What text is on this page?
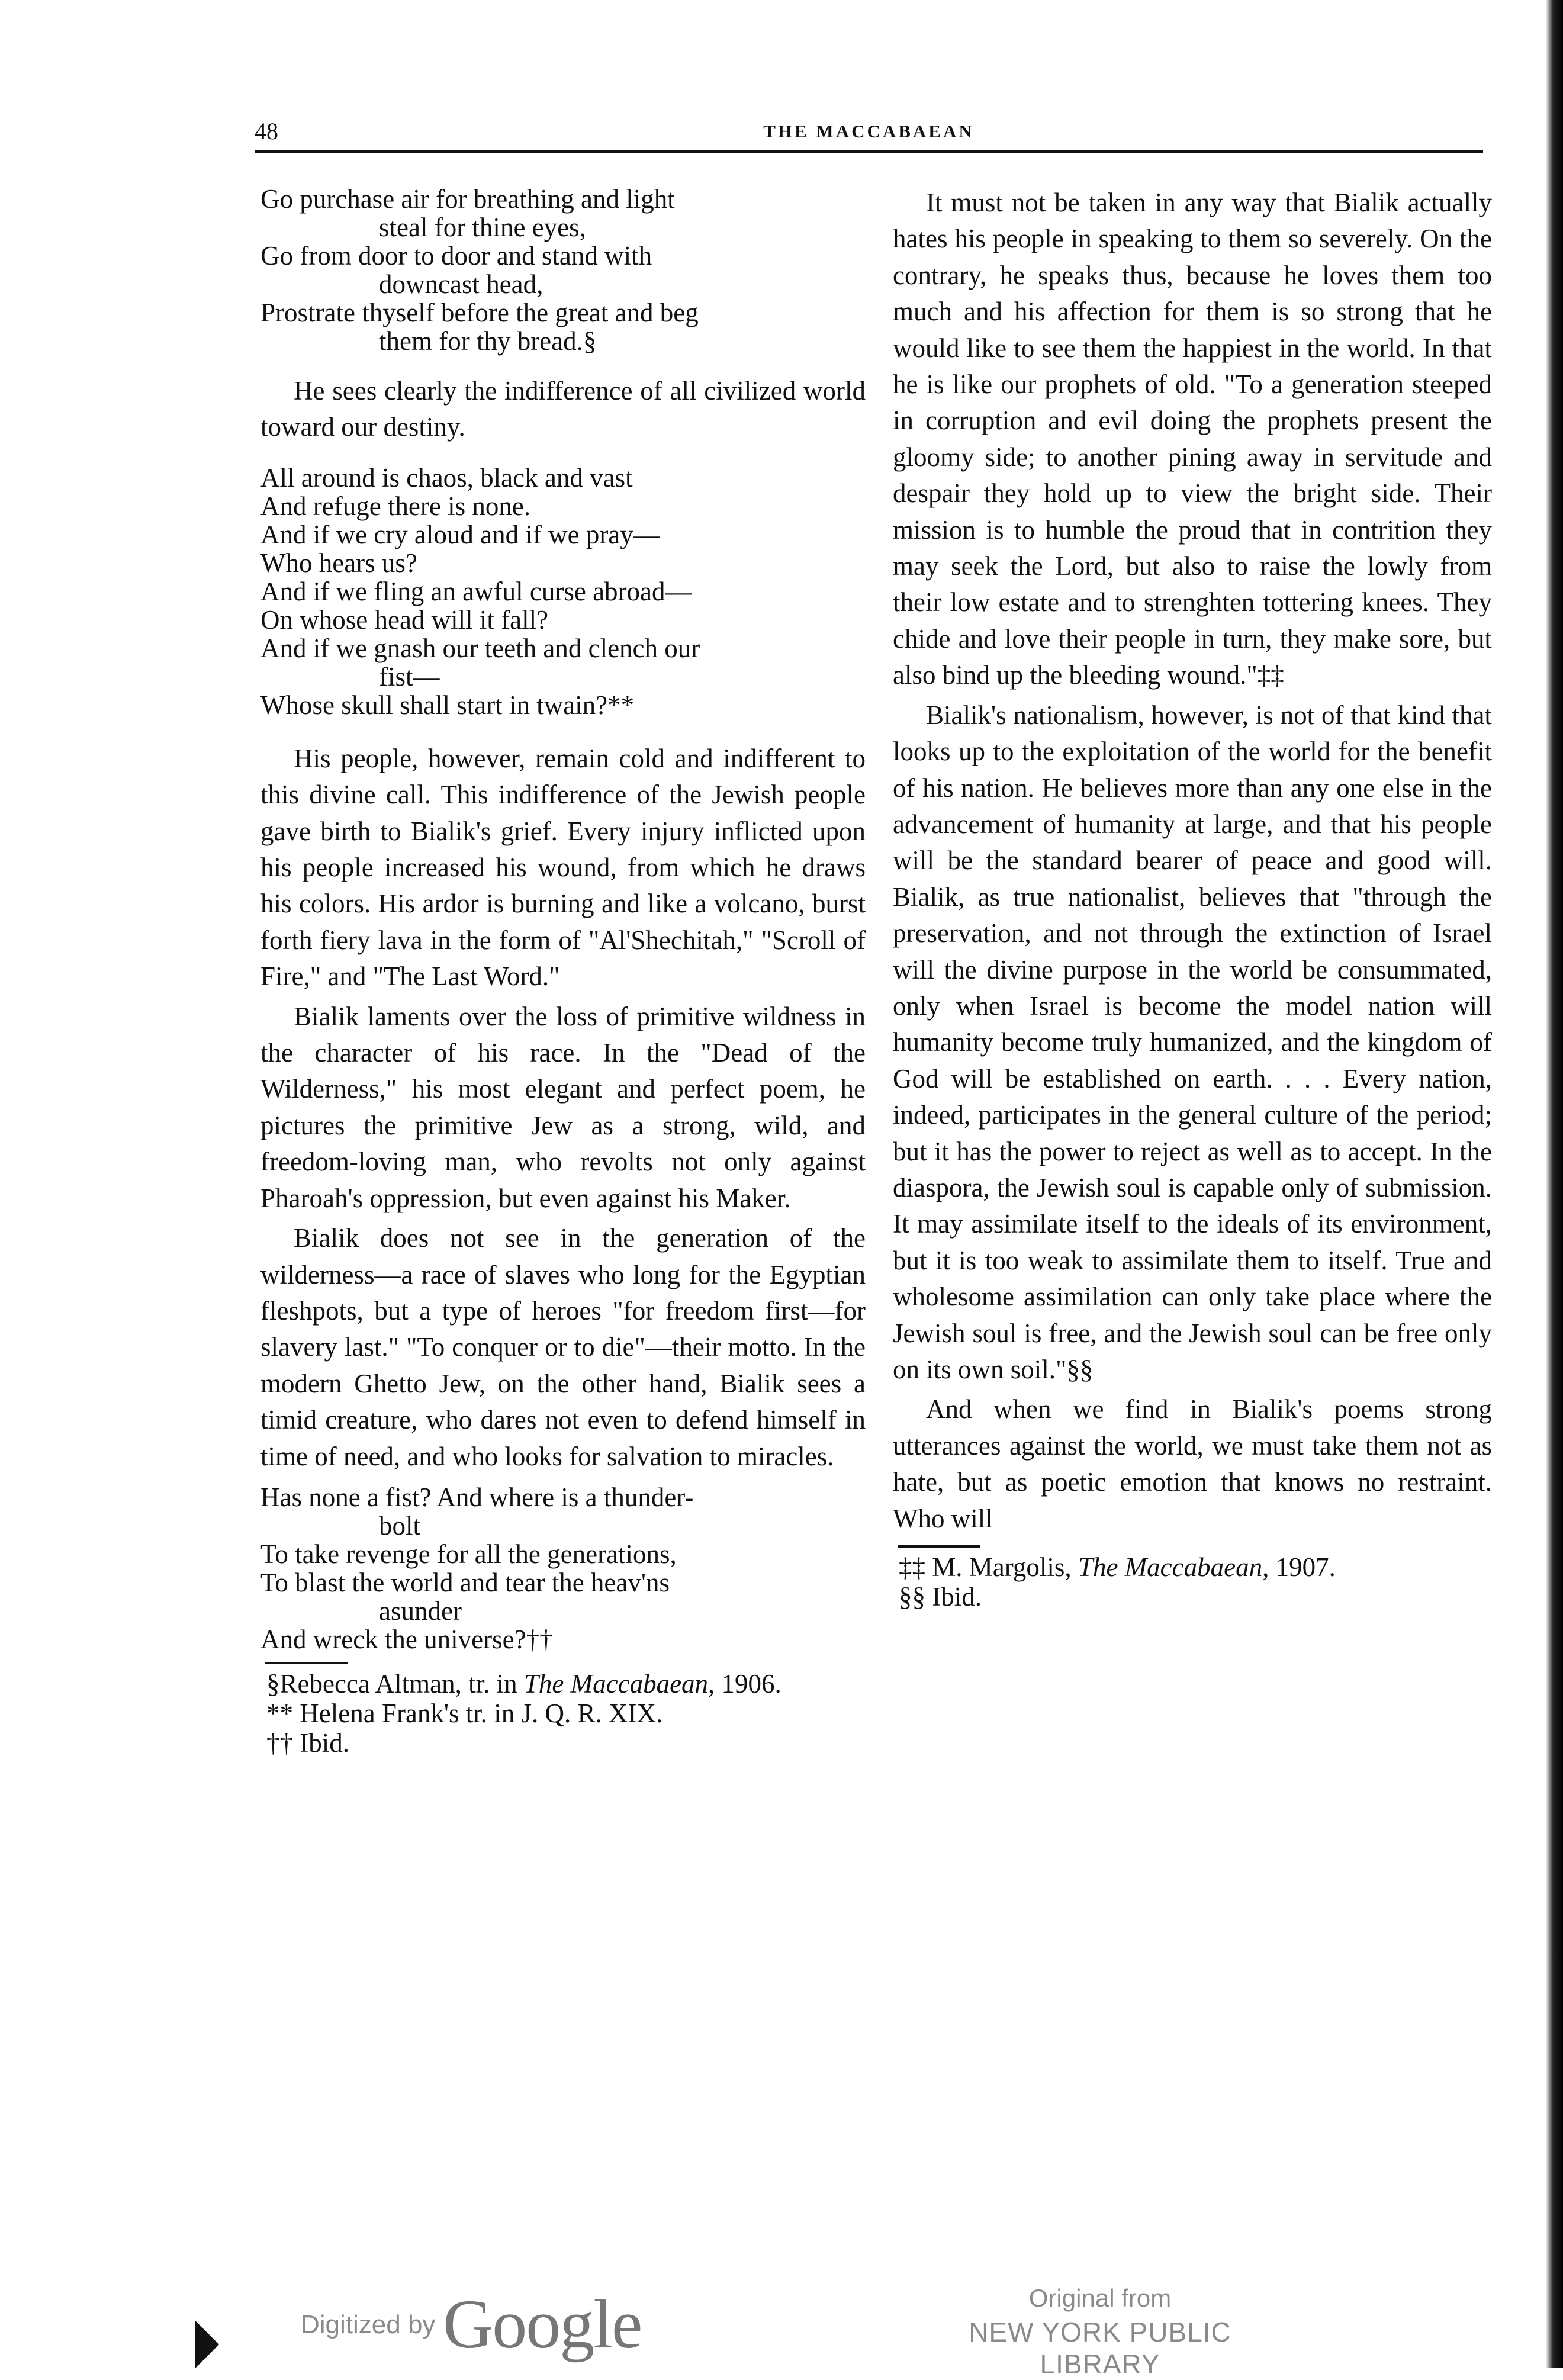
48	THE MACCABAEAN
Go purchase air for breathing and light
steal for thine eyes,
Go from door to door and stand with
downcast head,
Prostrate thyself before the great and beg
them for thy bread.§

He sees clearly the indifference of all civilized world toward our destiny.

All around is chaos, black and vast
And refuge there is none.
And if we cry aloud and if we pray—
Who hears us?
And if we fling an awful curse abroad—
On whose head will it fall?
And if we gnash our teeth and clench our
fist—
Whose skull shall start in twain?**

His people, however, remain cold and indifferent to this divine call. This indifference of the Jewish people gave birth to Bialik's grief. Every injury inflicted upon his people increased his wound, from which he draws his colors. His ardor is burning and like a volcano, burst forth fiery lava in the form of "Al'Shechitah," "Scroll of Fire," and "The Last Word."

Bialik laments over the loss of primitive wildness in the character of his race. In the "Dead of the Wilderness," his most elegant and perfect poem, he pictures the primitive Jew as a strong, wild, and freedom-loving man, who revolts not only against Pharoah's oppression, but even against his Maker.

Bialik does not see in the generation of the wilderness—a race of slaves who long for the Egyptian fleshpots, but a type of heroes "for freedom first—for slavery last." "To conquer or to die"—their motto. In the modern Ghetto Jew, on the other hand, Bialik sees a timid creature, who dares not even to defend himself in time of need, and who looks for salvation to miracles.

Has none a fist? And where is a thunder-
bolt
To take revenge for all the generations,
To blast the world and tear the heav'ns
asunder
And wreck the universe?††
§Rebecca Altman, tr. in The Maccabaean, 1906.
** Helena Frank's tr. in J. Q. R. XIX.
†† Ibid.

It must not be taken in any way that Bialik actually hates his people in speaking to them so severely. On the contrary, he speaks thus, because he loves them too much and his affection for them is so strong that he would like to see them the happiest in the world. In that he is like our prophets of old. "To a generation steeped in corruption and evil doing the prophets present the gloomy side; to another pining away in servitude and despair they hold up to view the bright side. Their mission is to humble the proud that in contrition they may seek the Lord, but also to raise the lowly from their low estate and to strenghten tottering knees. They chide and love their people in turn, they make sore, but also bind up the bleeding wound."‡‡

Bialik's nationalism, however, is not of that kind that looks up to the exploitation of the world for the benefit of his nation. He believes more than any one else in the advancement of humanity at large, and that his people will be the standard bearer of peace and good will. Bialik, as true nationalist, believes that "through the preservation, and not through the extinction of Israel will the divine purpose in the world be consummated, only when Israel is become the model nation will humanity become truly humanized, and the kingdom of God will be established on earth. . . . Every nation, indeed, participates in the general culture of the period; but it has the power to reject as well as to accept. In the diaspora, the Jewish soul is capable only of submission. It may assimilate itself to the ideals of its environment, but it is too weak to assimilate them to itself. True and wholesome assimilation can only take place where the Jewish soul is free, and the Jewish soul can be free only on its own soil."§§

And when we find in Bialik's poems strong utterances against the world, we must take them not as hate, but as poetic emotion that knows no restraint. Who will

‡‡ M. Margolis, The Maccabaean, 1907.
§§ Ibid.
Digitized by Google	Original from
NEW YORK PUBLIC LIBRARY
